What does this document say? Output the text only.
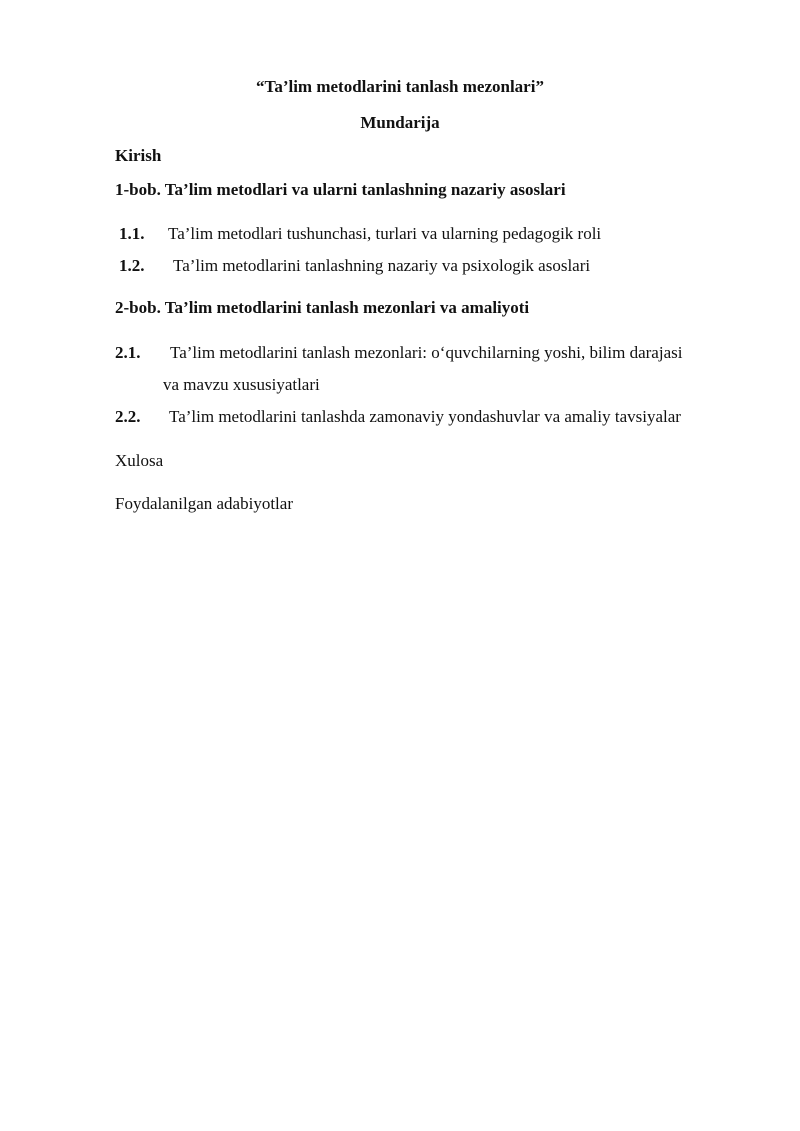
“Ta’lim metodlarini tanlash mezonlari”
Mundarija
Kirish
1-bob. Ta’lim metodlari va ularni tanlashning nazariy asoslari
1.1. Ta’lim metodlari tushunchasi, turlari va ularning pedagogik roli
1.2. Ta’lim metodlarini tanlashning nazariy va psixologik asoslari
2-bob. Ta’lim metodlarini tanlash mezonlari va amaliyoti
2.1. Ta’lim metodlarini tanlash mezonlari: o‘quvchilarning yoshi, bilim darajasi
va mavzu xususiyatlari
2.2. Ta’lim metodlarini tanlashda zamonaviy yondashuvlar va amaliy tavsiyalar
Xulosa
Foydalanilgan adabiyotlar
